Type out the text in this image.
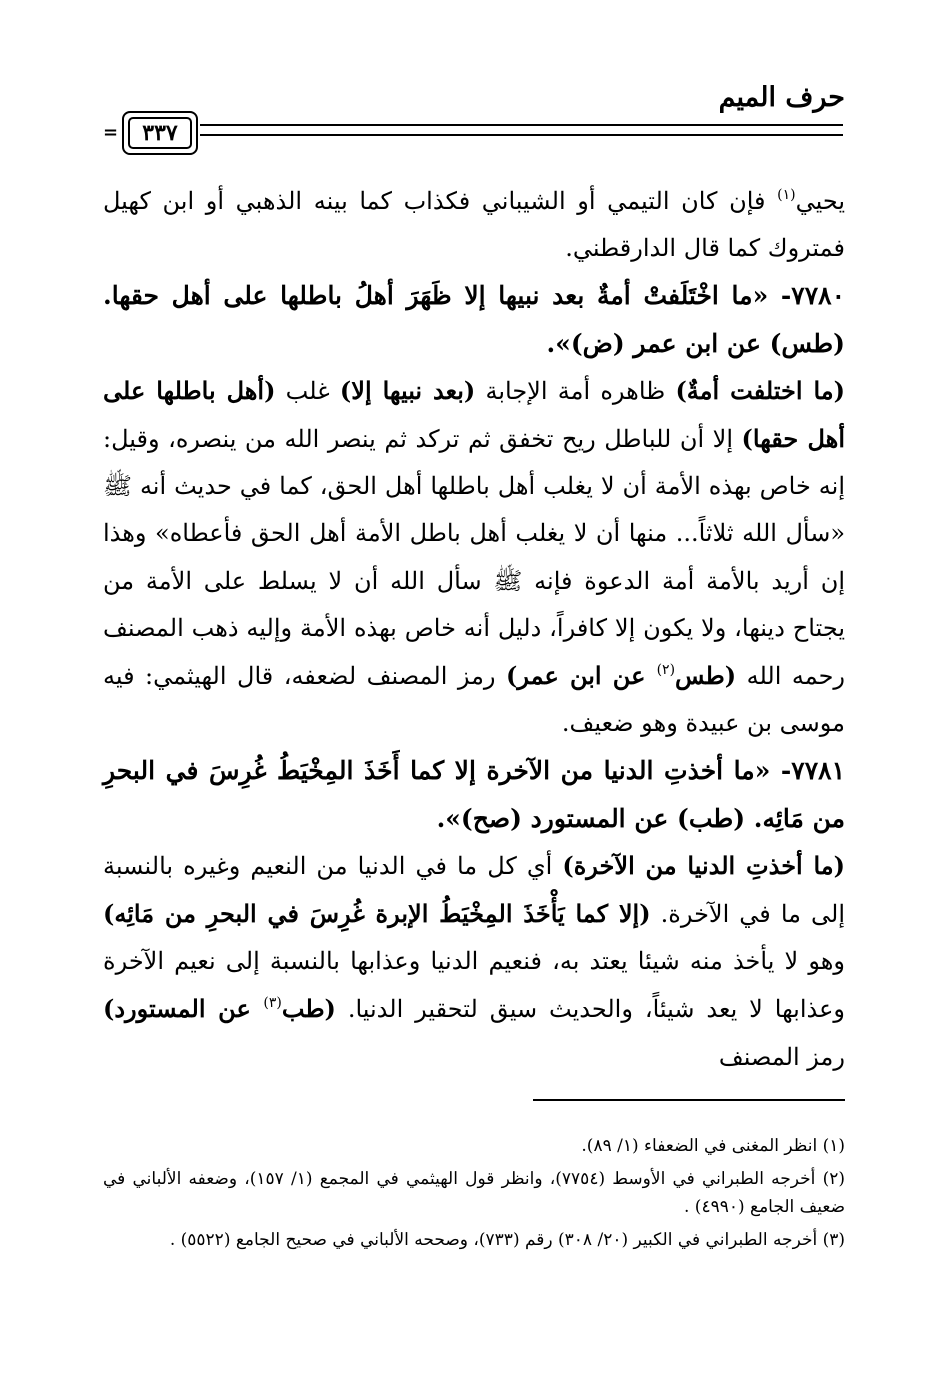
حرف الميم
٣٣٧
=

يحيي$^{(١)}$ فإن كان التيمي أو الشيباني فكذاب كما بينه الذهبي أو ابن كهيل فمتروك كما قال الدارقطني.

٧٧٨٠- «ما اخْتَلَفتْ أمةٌ بعد نبيها إلا ظَهَرَ أهلُ باطلها على أهل حقها. (طس) عن ابن عمر (ض)».

(ما اختلفت أمةٌ) ظاهره أمة الإجابة (بعد نبيها إلا) غلب (أهل باطلها على أهل حقها) إلا أن للباطل ريح تخفق ثم تركد ثم ينصر الله من ينصره، وقيل: إنه خاص بهذه الأمة أن لا يغلب أهل باطلها أهل الحق، كما في حديث أنه ﷺ «سأل الله ثلاثاً... منها أن لا يغلب أهل باطل الأمة أهل الحق فأعطاه» وهذا إن أريد بالأمة أمة الدعوة فإنه ﷺ سأل الله أن لا يسلط على الأمة من يجتاح دينها، ولا يكون إلا كافراً، دليل أنه خاص بهذه الأمة وإليه ذهب المصنف رحمه الله (طس$^{(٢)}$ عن ابن عمر) رمز المصنف لضعفه، قال الهيثمي: فيه موسى بن عبيدة وهو ضعيف.

٧٧٨١- «ما أخذتِ الدنيا من الآخرة إلا كما أَخَذَ المِخْيَطُ غُرِسَ في البحرِ من مَائِه. (طب) عن المستورد (صح)».

(ما أخذتِ الدنيا من الآخرة) أي كل ما في الدنيا من النعيم وغيره بالنسبة إلى ما في الآخرة. (إلا كما يَأْخَذَ المِخْيَطُ الإبرة غُرِسَ في البحرِ من مَائِه) وهو لا يأخذ منه شيئا يعتد به، فنعيم الدنيا وعذابها بالنسبة إلى نعيم الآخرة وعذابها لا يعد شيئاً، والحديث سيق لتحقير الدنيا. (طب$^{(٣)}$ عن المستورد) رمز المصنف

(١) انظر المغنى في الضعفاء (١/ ٨٩).

(٢) أخرجه الطبراني في الأوسط (٧٧٥٤)، وانظر قول الهيثمي في المجمع (١/ ١٥٧)، وضعفه الألباني في ضعيف الجامع (٤٩٩٠) .

(٣) أخرجه الطبراني في الكبير (٢٠/ ٣٠٨) رقم (٧٣٣)، وصححه الألباني في صحيح الجامع (٥٥٢٢) .
